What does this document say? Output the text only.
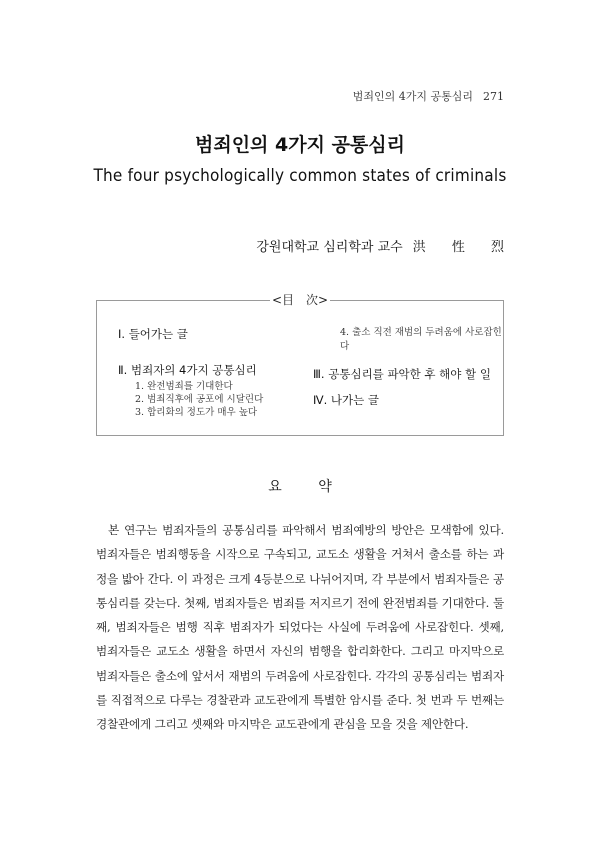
범죄인의 4가지 공통심리 271
범죄인의 4가지 공통심리
The four psychologically common states of criminals
강원대학교 심리학과 교수 洪 性 烈
<目　次>
Ⅰ. 들어가는 글
Ⅱ. 범죄자의 4가지 공통심리
1. 완전범죄를 기대한다
2. 범죄직후에 공포에 시달린다
3. 합리화의 정도가 매우 높다
4. 출소 직전 재범의 두려움에 사로잡힌다
Ⅲ. 공통심리를 파악한 후 해야 할 일
Ⅳ. 나가는 글
요 약

본 연구는 범죄자들의 공통심리를 파악해서 범죄예방의 방안은 모색함에 있다. 범죄자들은 범죄행동을 시작으로 구속되고, 교도소 생활을 거쳐서 출소를 하는 과정을 밟아 간다. 이 과정은 크게 4등분으로 나뉘어지며, 각 부분에서 범죄자들은 공통심리를 갖는다. 첫째, 범죄자들은 범죄를 저지르기 전에 완전범죄를 기대한다. 둘째, 범죄자들은 범행 직후 범죄자가 되었다는 사실에 두려움에 사로잡힌다. 셋째, 범죄자들은 교도소 생활을 하면서 자신의 범행을 합리화한다. 그리고 마지막으로 범죄자들은 출소에 앞서서 재범의 두려움에 사로잡힌다. 각각의 공통심리는 범죄자를 직접적으로 다루는 경찰관과 교도관에게 특별한 암시를 준다. 첫 번과 두 번째는 경찰관에게 그리고 셋째와 마지막은 교도관에게 관심을 모을 것을 제안한다.
